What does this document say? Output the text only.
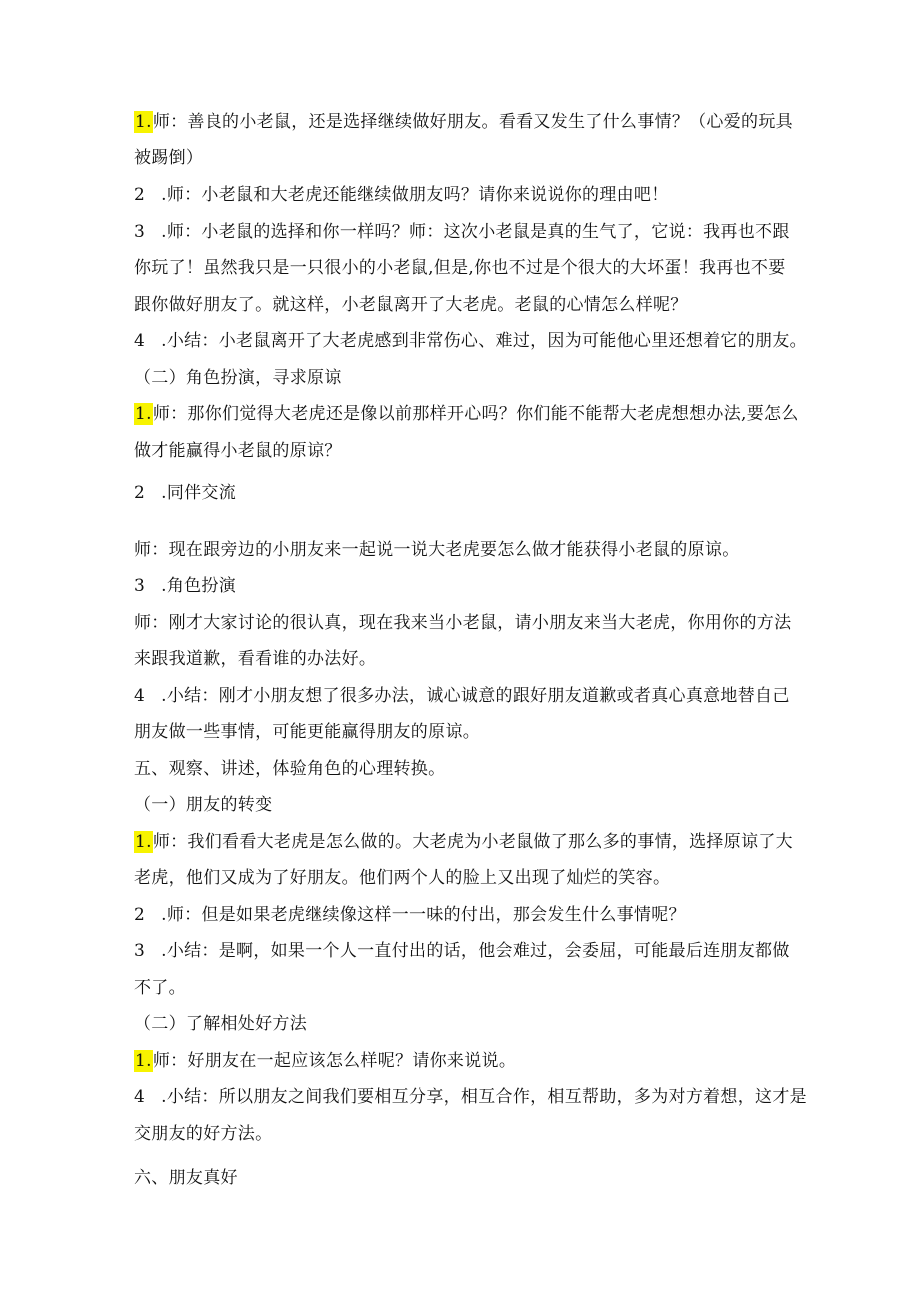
1.师：善良的小老鼠，还是选择继续做好朋友。看看又发生了什么事情？（心爱的玩具
被踢倒）
2 .师：小老鼠和大老虎还能继续做朋友吗？请你来说说你的理由吧！
3 .师：小老鼠的选择和你一样吗？师：这次小老鼠是真的生气了，它说：我再也不跟
你玩了！虽然我只是一只很小的小老鼠,但是,你也不过是个很大的大坏蛋！我再也不要
跟你做好朋友了。就这样，小老鼠离开了大老虎。老鼠的心情怎么样呢？
4 .小结：小老鼠离开了大老虎感到非常伤心、难过，因为可能他心里还想着它的朋友。
（二）角色扮演，寻求原谅
1.师：那你们觉得大老虎还是像以前那样开心吗？你们能不能帮大老虎想想办法,要怎么
做才能赢得小老鼠的原谅？
2 .同伴交流
师：现在跟旁边的小朋友来一起说一说大老虎要怎么做才能获得小老鼠的原谅。
3 .角色扮演
师：刚才大家讨论的很认真，现在我来当小老鼠，请小朋友来当大老虎，你用你的方法
来跟我道歉，看看谁的办法好。
4 .小结：刚才小朋友想了很多办法，诚心诚意的跟好朋友道歉或者真心真意地替自己
朋友做一些事情，可能更能赢得朋友的原谅。
五、观察、讲述，体验角色的心理转换。
（一）朋友的转变
1.师：我们看看大老虎是怎么做的。大老虎为小老鼠做了那么多的事情，选择原谅了大
老虎，他们又成为了好朋友。他们两个人的脸上又出现了灿烂的笑容。
2 .师：但是如果老虎继续像这样一一味的付出，那会发生什么事情呢？
3 .小结：是啊，如果一个人一直付出的话，他会难过，会委屈，可能最后连朋友都做
不了。
（二）了解相处好方法
1.师：好朋友在一起应该怎么样呢？请你来说说。
4 .小结：所以朋友之间我们要相互分享，相互合作，相互帮助，多为对方着想，这才是
交朋友的好方法。
六、朋友真好
